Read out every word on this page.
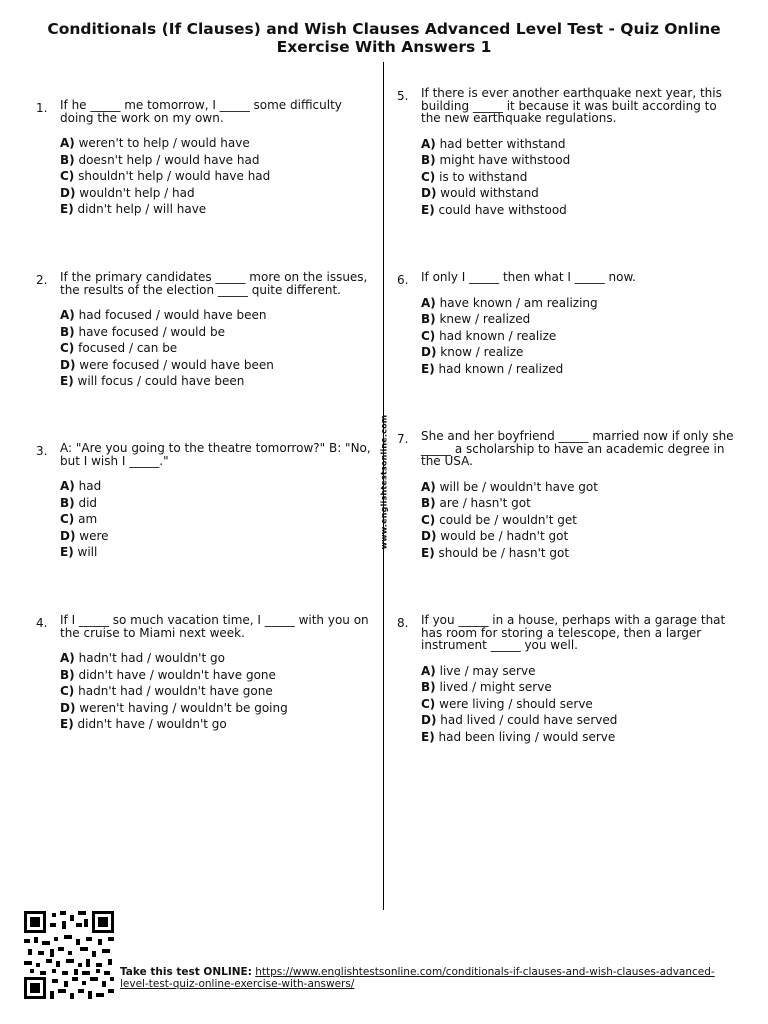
Conditionals (If Clauses) and Wish Clauses Advanced Level Test - Quiz Online
Exercise With Answers 1
www.englishtestsonline.com
1. If he _____ me tomorrow, I _____ some difficulty doing the work on my own.
A) weren't to help / would have
B) doesn't help / would have had
C) shouldn't help / would have had
D) wouldn't help / had
E) didn't help / will have
2. If the primary candidates _____ more on the issues, the results of the election _____ quite different.
A) had focused / would have been
B) have focused / would be
C) focused / can be
D) were focused / would have been
E) will focus / could have been
3. A: "Are you going to the theatre tomorrow?" B: "No, but I wish I _____."
A) had
B) did
C) am
D) were
E) will
4. If I _____ so much vacation time, I _____ with you on the cruise to Miami next week.
A) hadn't had / wouldn't go
B) didn't have / wouldn't have gone
C) hadn't had / wouldn't have gone
D) weren't having / wouldn't be going
E) didn't have / wouldn't go
5. If there is ever another earthquake next year, this building _____ it because it was built according to the new earthquake regulations.
A) had better withstand
B) might have withstood
C) is to withstand
D) would withstand
E) could have withstood
6. If only I _____ then what I _____ now.
A) have known / am realizing
B) knew / realized
C) had known / realize
D) know / realize
E) had known / realized
7. She and her boyfriend _____ married now if only she _____ a scholarship to have an academic degree in the USA.
A) will be / wouldn't have got
B) are / hasn't got
C) could be / wouldn't get
D) would be / hadn't got
E) should be / hasn't got
8. If you _____ in a house, perhaps with a garage that has room for storing a telescope, then a larger instrument _____ you well.
A) live / may serve
B) lived / might serve
C) were living / should serve
D) had lived / could have served
E) had been living / would serve
Take this test ONLINE: https://www.englishtestsonline.com/conditionals-if-clauses-and-wish-clauses-advanced-level-test-quiz-online-exercise-with-answers/
